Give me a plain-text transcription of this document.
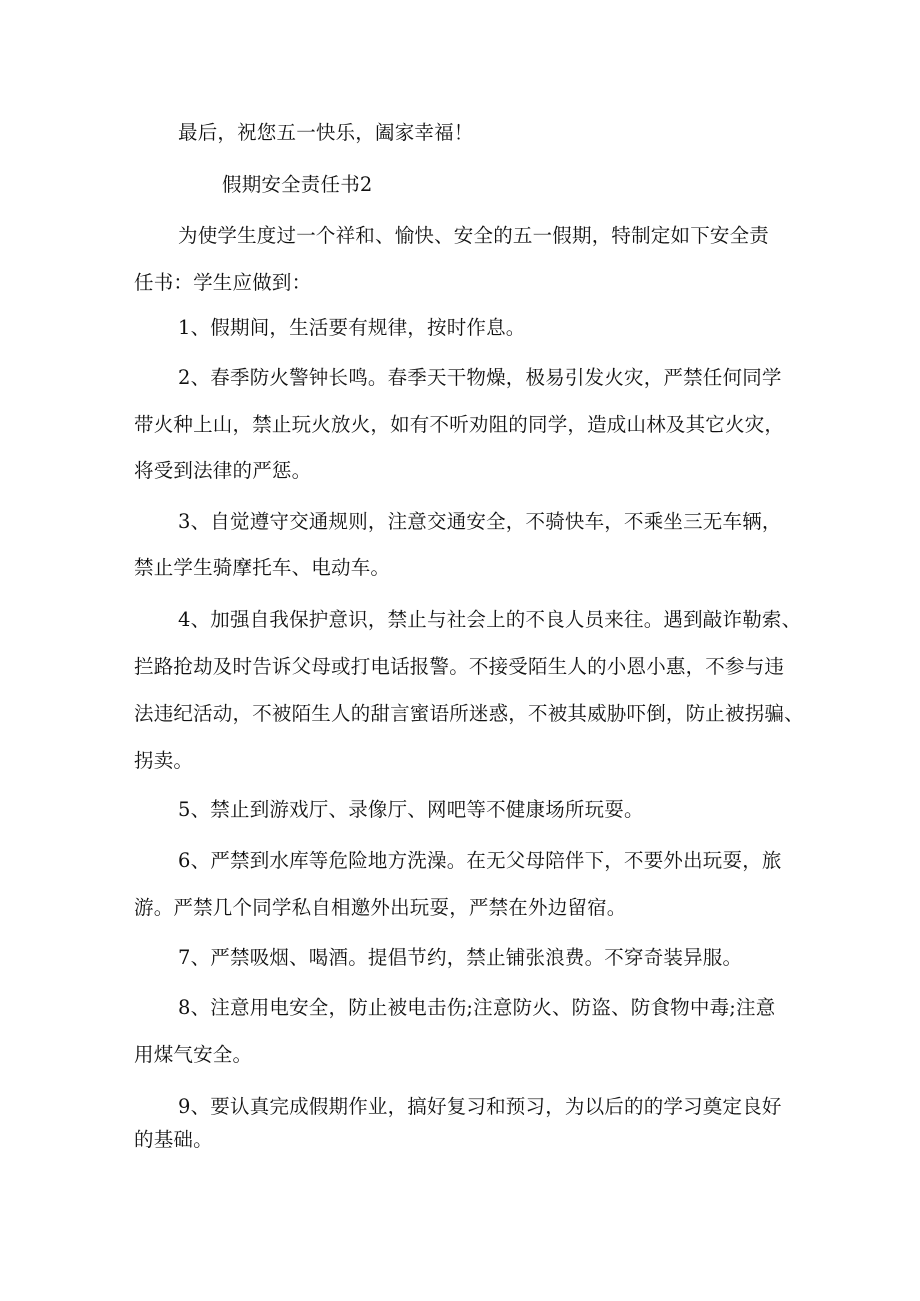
最后，祝您五一快乐，阖家幸福！
假期安全责任书2
为使学生度过一个祥和、愉快、安全的五一假期，特制定如下安全责
任书：学生应做到：
1、假期间，生活要有规律，按时作息。
2、春季防火警钟长鸣。春季天干物燥，极易引发火灾，严禁任何同学
带火种上山，禁止玩火放火，如有不听劝阻的同学，造成山林及其它火灾，
将受到法律的严惩。
3、自觉遵守交通规则，注意交通安全，不骑快车，不乘坐三无车辆，
禁止学生骑摩托车、电动车。
4、加强自我保护意识，禁止与社会上的不良人员来往。遇到敲诈勒索、
拦路抢劫及时告诉父母或打电话报警。不接受陌生人的小恩小惠，不参与违
法违纪活动，不被陌生人的甜言蜜语所迷惑，不被其威胁吓倒，防止被拐骗、
拐卖。
5、禁止到游戏厅、录像厅、网吧等不健康场所玩耍。
6、严禁到水库等危险地方洗澡。在无父母陪伴下，不要外出玩耍，旅
游。严禁几个同学私自相邀外出玩耍，严禁在外边留宿。
7、严禁吸烟、喝酒。提倡节约，禁止铺张浪费。不穿奇装异服。
8、注意用电安全，防止被电击伤;注意防火、防盗、防食物中毒;注意
用煤气安全。
9、要认真完成假期作业，搞好复习和预习，为以后的的学习奠定良好
的基础。
